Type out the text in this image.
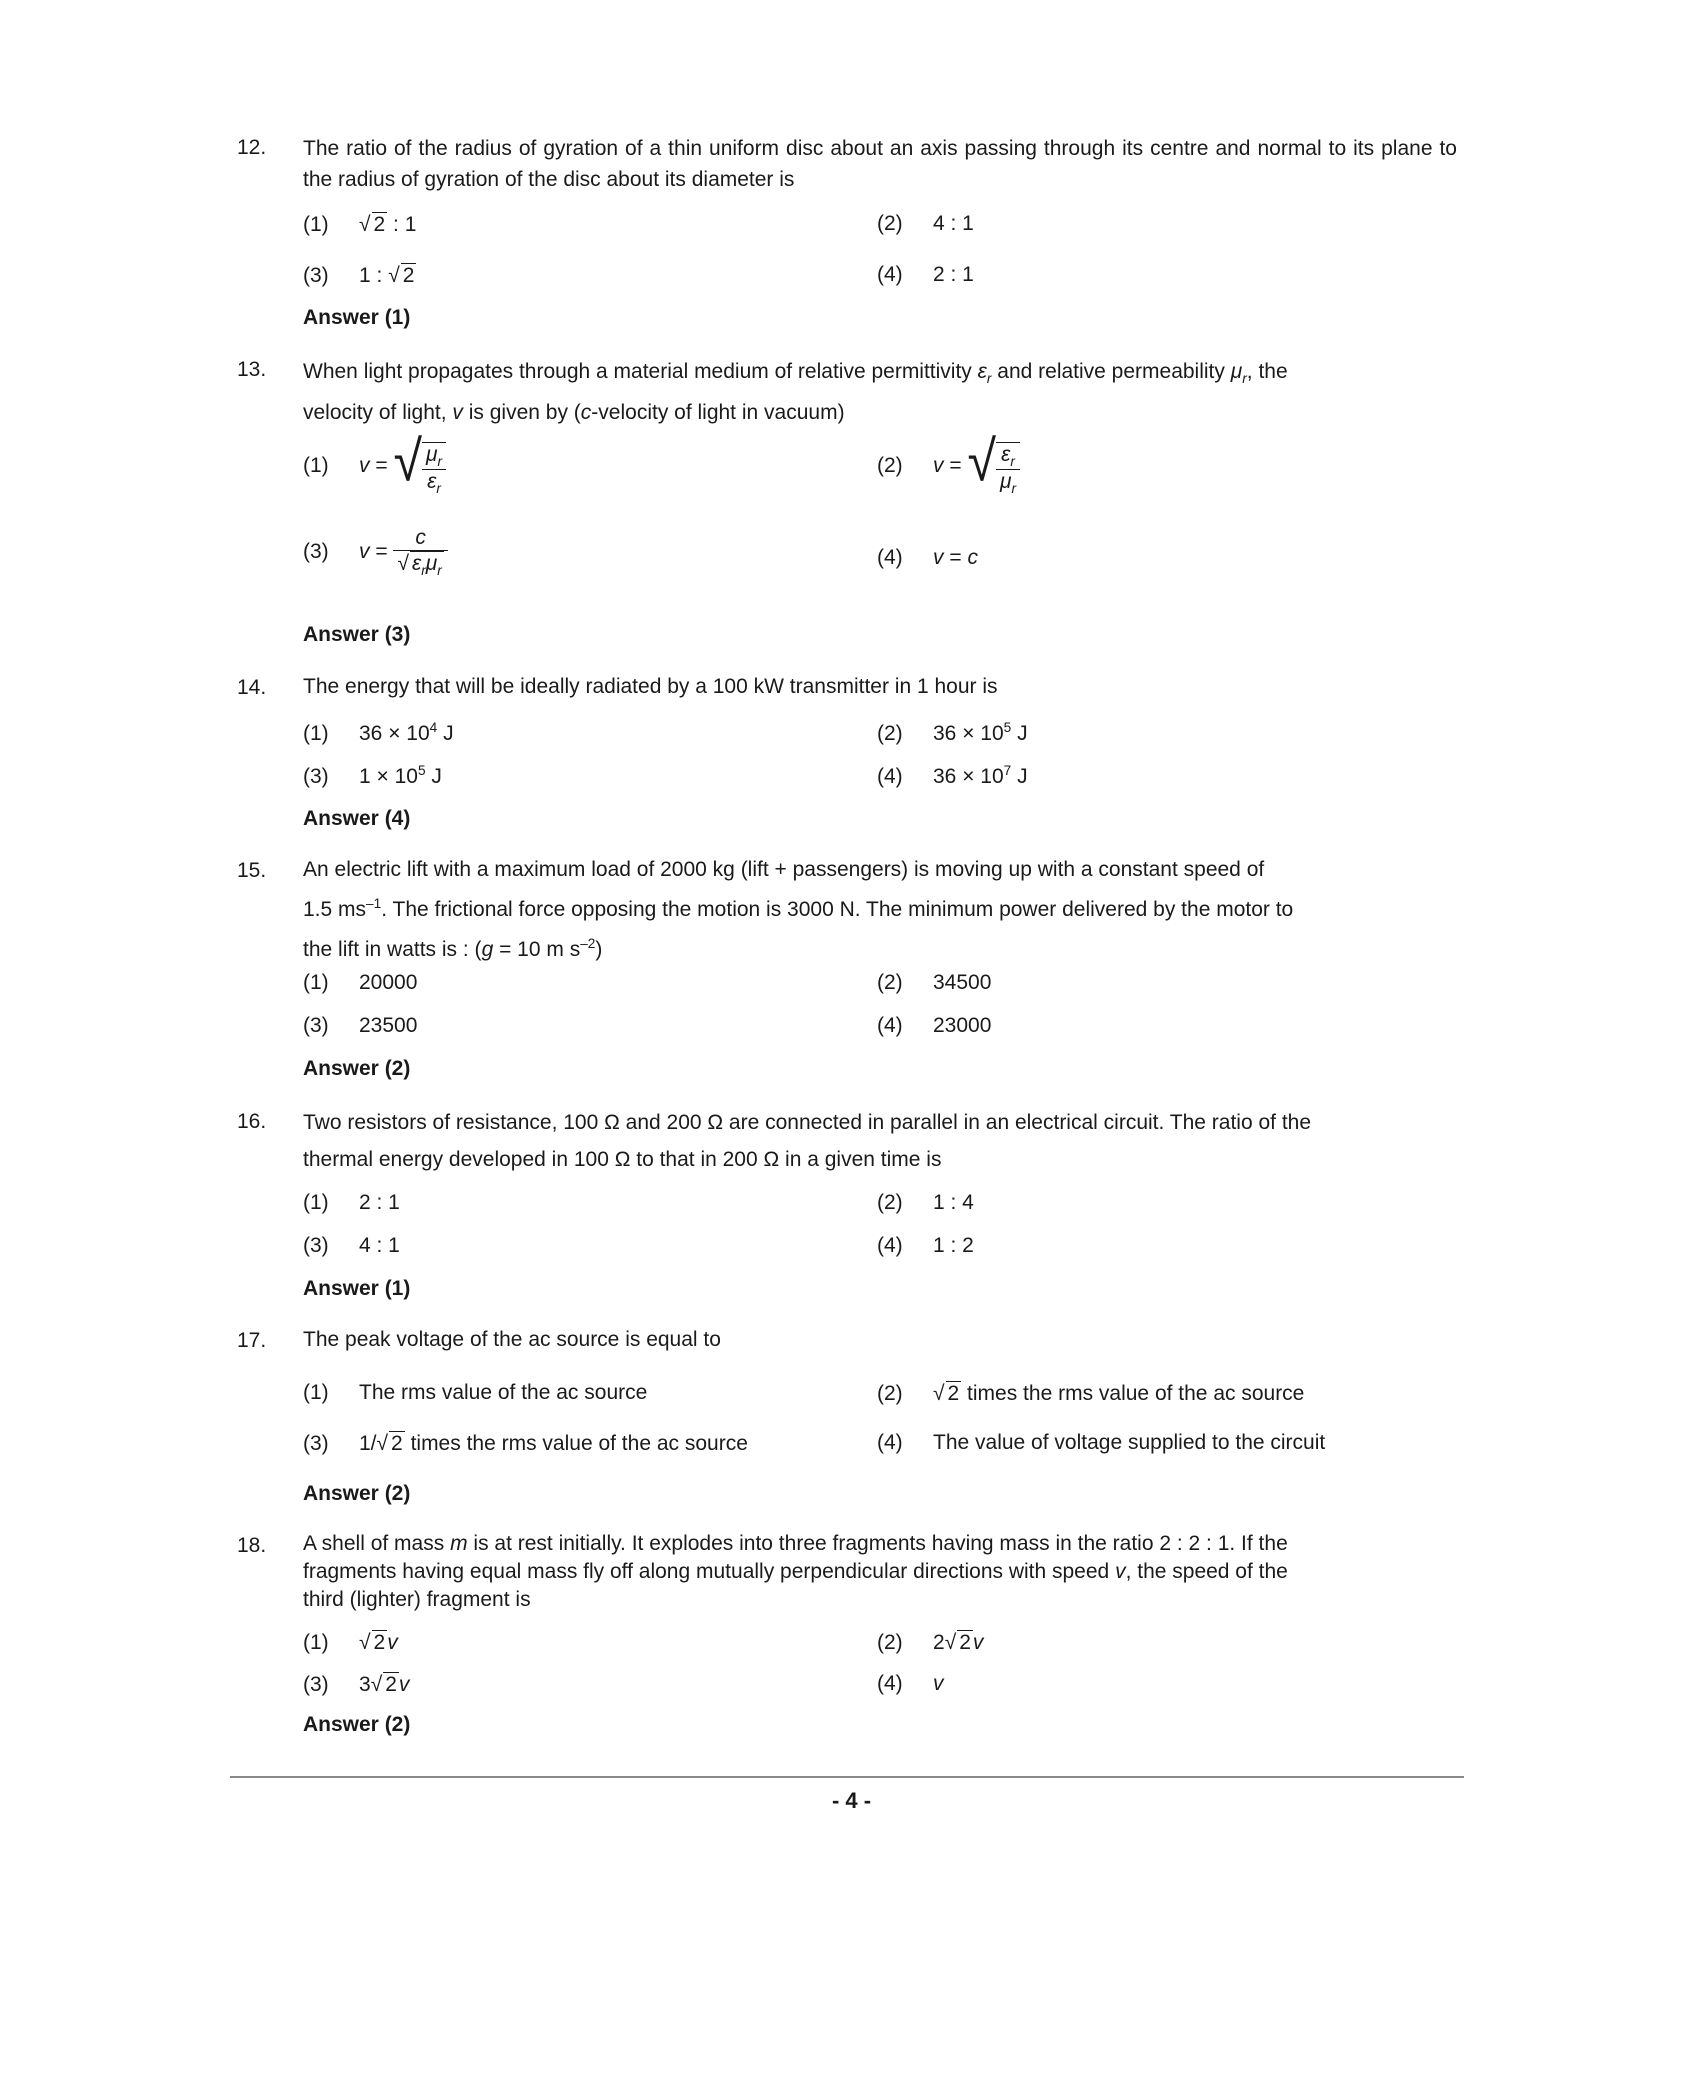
12. The ratio of the radius of gyration of a thin uniform disc about an axis passing through its centre and normal to its plane to the radius of gyration of the disc about its diameter is
(1) √ 2 : 1	(2) 4 : 1
(3) 1 : √ 2	(4) 2 : 1
Answer (1)
13. When light propagates through a material medium of relative permittivity $\varepsilon_r$ and relative permeability $\mu_r$, the
velocity of light, v is given by (c-velocity of light in vacuum)
(1) v = √ $\frac{\mu_r}{\varepsilon_r}$	(2) v = √ $\frac{\varepsilon_r}{\mu_r}$
(3) $v = \frac{c}{√ \varepsilon_r\mu_r}$	(4) v = c
Answer (3)
14. The energy that will be ideally radiated by a 100 kW transmitter in 1 hour is
(1) $36 \times 10^4$ J	(2) $36 \times 10^5$ J
(3) $1 \times 10^5$ J	(4) $36 \times 10^7$ J
Answer (4)
15. An electric lift with a maximum load of 2000 kg (lift + passengers) is moving up with a constant speed of
1.5 $ms^{-1}$. The frictional force opposing the motion is 3000 N. The minimum power delivered by the motor to
the lift in watts is : (g = 10 m $s^{-2}$)
(1) 20000	(2) 34500
(3) 23500	(4) 23000
Answer (2)
16. Two resistors of resistance, 100 Ω and 200 Ω are connected in parallel in an electrical circuit. The ratio of the
thermal energy developed in 100 Ω to that in 200 Ω in a given time is
(1) 2 : 1	(2) 1 : 4
(3) 4 : 1	(4) 1 : 2
Answer (1)
17. The peak voltage of the ac source is equal to
(1) The rms value of the ac source	(2) √ 2 times the rms value of the ac source
(3) 1/√ 2 times the rms value of the ac source	(4) The value of voltage supplied to the circuit
Answer (2)
18. A shell of mass m is at rest initially. It explodes into three fragments having mass in the ratio 2 : 2 : 1. If the
fragments having equal mass fly off along mutually perpendicular directions with speed v, the speed of the
third (lighter) fragment is
(1) √ 2v	(2) 2√ 2v
(3) 3√ 2v	(4) v
Answer (2)
- 4 -
